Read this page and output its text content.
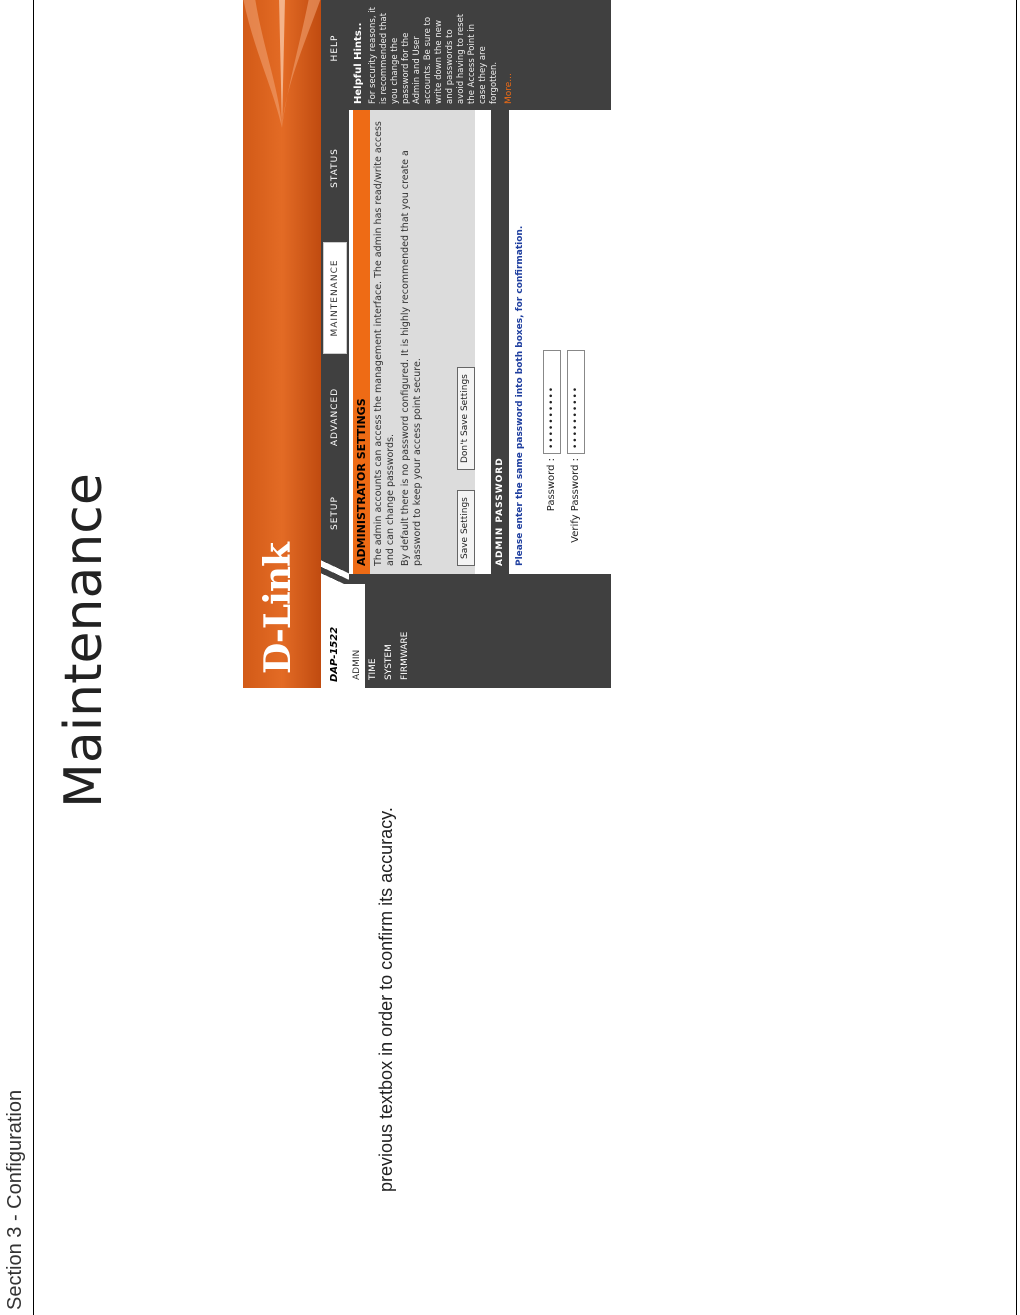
Section 3 - Configuration
Maintenance
previous textbox in order to confirm its accuracy.
D-Link	DAP-1522
SETUP
ADVANCED
MAINTENANCE
STATUS
HELP
ADMIN TIME SYSTEM FIRMWARE
ADMINISTRATOR SETTINGS The admin accounts can access the management interface. The admin has read/write access and can change passwords. By default there is no password configured. It is highly recommended that you create a password to keep your access point secure.	Save Settings
Don't Save Settings
ADMIN PASSWORD	Please enter the same password into both boxes, for confirmation. Password :
••••••••••
Verify Password :
••••••••••
Helpful Hints.. For security reasons, it is recommended that you change the password for the Admin and User accounts. Be sure to write down the new and passwords to avoid having to reset the Access Point in case they are forgotten. More...
